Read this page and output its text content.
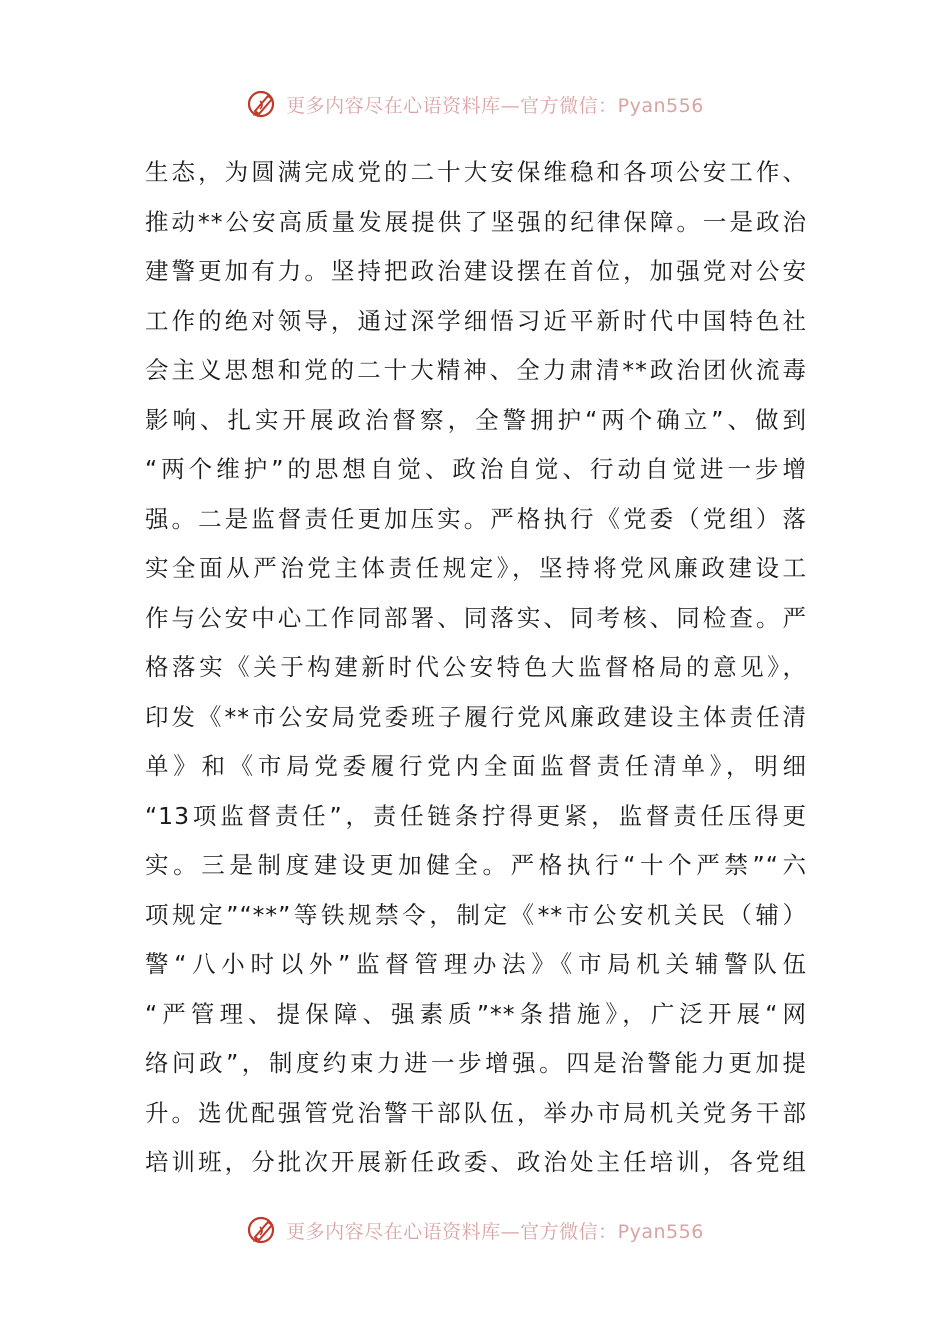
更多内容尽在心语资料库—官方微信：Pyan556
生态，为圆满完成党的二十大安保维稳和各项公安工作、
推动**公安高质量发展提供了坚强的纪律保障。一是政治
建警更加有力。坚持把政治建设摆在首位，加强党对公安
工作的绝对领导，通过深学细悟习近平新时代中国特色社
会主义思想和党的二十大精神、全力肃清**政治团伙流毒
影响、扎实开展政治督察，全警拥护“两个确立”、做到
“两个维护”的思想自觉、政治自觉、行动自觉进一步增
强。二是监督责任更加压实。严格执行《党委（党组）落
实全面从严治党主体责任规定》，坚持将党风廉政建设工
作与公安中心工作同部署、同落实、同考核、同检查。严
格落实《关于构建新时代公安特色大监督格局的意见》，
印发《**市公安局党委班子履行党风廉政建设主体责任清
单》和《市局党委履行党内全面监督责任清单》，明细
“13项监督责任”，责任链条拧得更紧，监督责任压得更
实。三是制度建设更加健全。严格执行“十个严禁”“六
项规定”“**”等铁规禁令，制定《**市公安机关民（辅）
警“八小时以外”监督管理办法》《市局机关辅警队伍
“严管理、提保障、强素质”**条措施》，广泛开展“网
络问政”，制度约束力进一步增强。四是治警能力更加提
升。选优配强管党治警干部队伍，举办市局机关党务干部
培训班，分批次开展新任政委、政治处主任培训，各党组
更多内容尽在心语资料库—官方微信：Pyan556
